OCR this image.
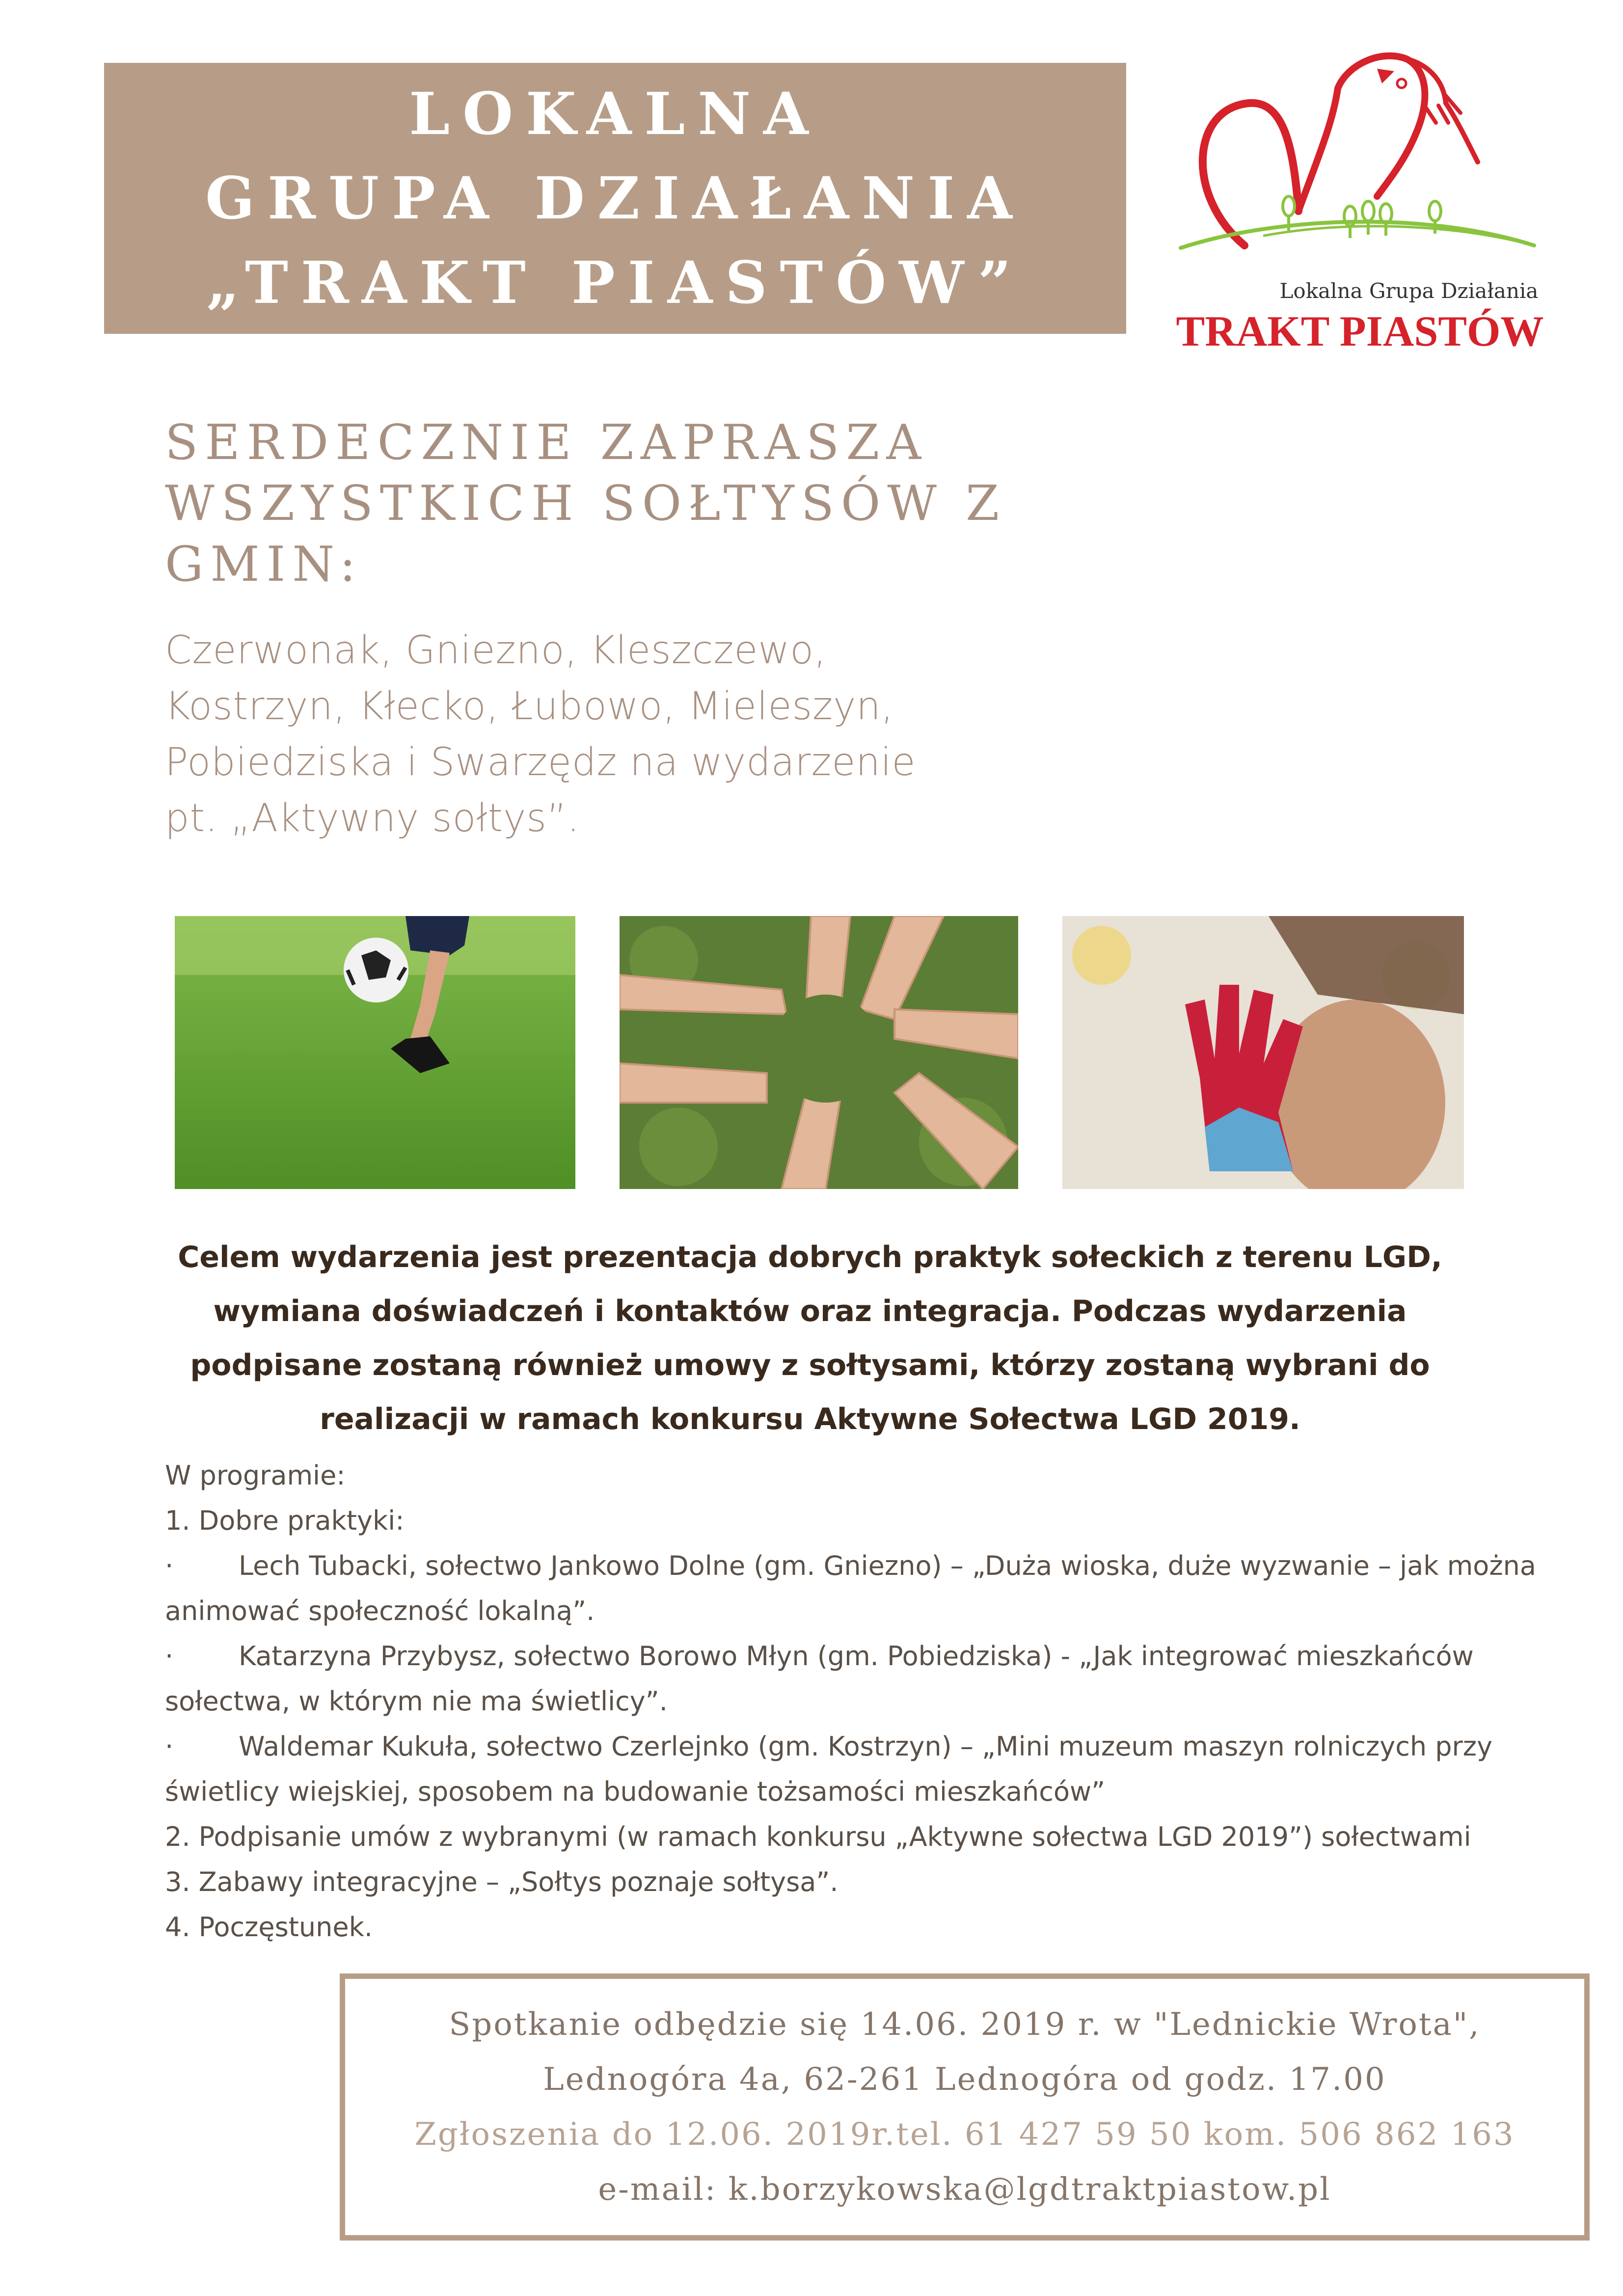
LOKALNA
GRUPA DZIAŁANIA
„TRAKT PIASTÓW”	Lokalna Grupa Działania
TRAKT PIASTÓW
SERDECZNIE ZAPRASZA
WSZYSTKICH SOŁTYSÓW Z
GMIN:
Czerwonak, Gniezno, Kleszczewo,
Kostrzyn, Kłecko, Łubowo, Mieleszyn,
Pobiedziska i Swarzędz na wydarzenie
pt. „Aktywny sołtys”.
Celem wydarzenia jest prezentacja dobrych praktyk sołeckich z terenu LGD,
wymiana doświadczeń i kontaktów oraz integracja. Podczas wydarzenia
podpisane zostaną również umowy z sołtysami, którzy zostaną wybrani do
realizacji w ramach konkursu Aktywne Sołectwa LGD 2019.
W programie:
1. Dobre praktyki:
· Lech Tubacki, sołectwo Jankowo Dolne (gm. Gniezno) – „Duża wioska, duże wyzwanie – jak można
animować społeczność lokalną”.
· Katarzyna Przybysz, sołectwo Borowo Młyn (gm. Pobiedziska) - „Jak integrować mieszkańców
sołectwa, w którym nie ma świetlicy”.
· Waldemar Kukuła, sołectwo Czerlejnko (gm. Kostrzyn) – „Mini muzeum maszyn rolniczych przy
świetlicy wiejskiej, sposobem na budowanie tożsamości mieszkańców”
2. Podpisanie umów z wybranymi (w ramach konkursu „Aktywne sołectwa LGD 2019”) sołectwami
3. Zabawy integracyjne – „Sołtys poznaje sołtysa”.
4. Poczęstunek.
Spotkanie odbędzie się 14.06. 2019 r. w "Lednickie Wrota",
Lednogóra 4a, 62-261 Lednogóra od godz. 17.00
Zgłoszenia do 12.06. 2019r.tel. 61 427 59 50 kom. 506 862 163
e-mail: k.borzykowska@lgdtraktpiastow.pl
